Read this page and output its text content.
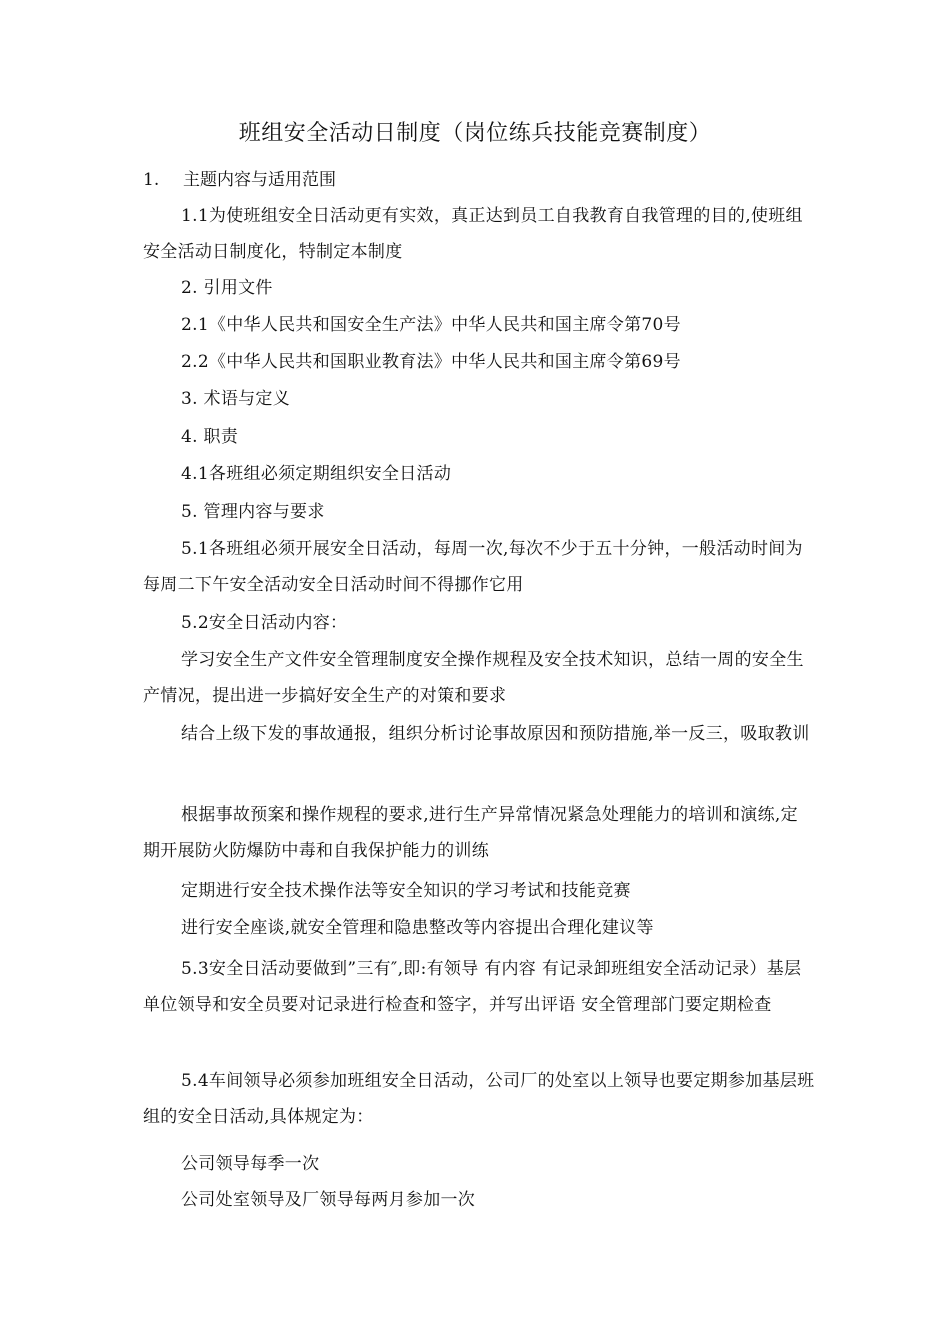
班组安全活动日制度（岗位练兵技能竞赛制度）
1. 主题内容与适用范围

1.1为使班组安全日活动更有实效，真正达到员工自我教育自我管理的目的,使班组安全活动日制度化，特制定本制度

2. 引用文件

2.1《中华人民共和国安全生产法》中华人民共和国主席令第70号

2.2《中华人民共和国职业教育法》中华人民共和国主席令第69号

3. 术语与定义

4. 职责

4.1各班组必须定期组织安全日活动

5. 管理内容与要求

5.1各班组必须开展安全日活动，每周一次,每次不少于五十分钟，一般活动时间为每周二下午安全活动安全日活动时间不得挪作它用

5.2安全日活动内容：

学习安全生产文件安全管理制度安全操作规程及安全技术知识，总结一周的安全生产情况，提出进一步搞好安全生产的对策和要求

结合上级下发的事故通报，组织分析讨论事故原因和预防措施,举一反三，吸取教训

根据事故预案和操作规程的要求,进行生产异常情况紧急处理能力的培训和演练,定期开展防火防爆防中毒和自我保护能力的训练

定期进行安全技术操作法等安全知识的学习考试和技能竞赛

进行安全座谈,就安全管理和隐患整改等内容提出合理化建议等

5.3安全日活动要做到”三有″,即:有领导 有内容 有记录卸班组安全活动记录）基层单位领导和安全员要对记录进行检查和签字，并写出评语 安全管理部门要定期检查

5.4车间领导必须参加班组安全日活动，公司厂的处室以上领导也要定期参加基层班组的安全日活动,具体规定为：

公司领导每季一次

公司处室领导及厂领导每两月参加一次
